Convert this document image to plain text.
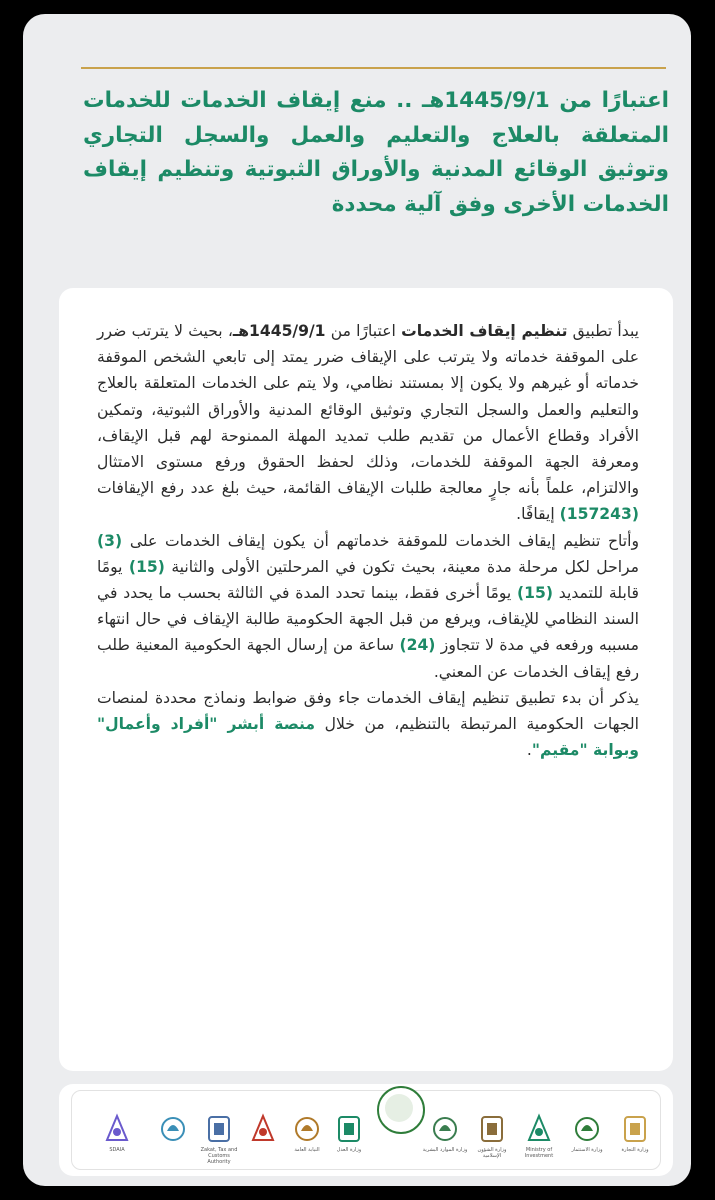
اعتبارًا من 1445/9/1هـ .. منع إيقاف الخدمات للخدمات المتعلقة بالعلاج والتعليم والعمل والسجل التجاري وتوثيق الوقائع المدنية والأوراق الثبوتية وتنظيم إيقاف الخدمات الأخرى وفق آلية محددة

يبدأ تطبيق تنظيم إيقاف الخدمات اعتبارًا من 1445/9/1هـ، بحيث لا يترتب ضرر على الموقفة خدماته ولا يترتب على الإيقاف ضرر يمتد إلى تابعي الشخص الموقفة خدماته أو غيرهم ولا يكون إلا بمستند نظامي، ولا يتم على الخدمات المتعلقة بالعلاج والتعليم والعمل والسجل التجاري وتوثيق الوقائع المدنية والأوراق الثبوتية، وتمكين الأفراد وقطاع الأعمال من تقديم طلب تمديد المهلة الممنوحة لهم قبل الإيقاف، ومعرفة الجهة الموقفة للخدمات، وذلك لحفظ الحقوق ورفع مستوى الامتثال والالتزام، علماً بأنه جارٍ معالجة طلبات الإيقاف القائمة، حيث بلغ عدد رفع الإيقافات (157243) إيقافًا.
وأتاح تنظيم إيقاف الخدمات للموقفة خدماتهم أن يكون إيقاف الخدمات على (3) مراحل لكل مرحلة مدة معينة، بحيث تكون في المرحلتين الأولى والثانية (15) يومًا قابلة للتمديد (15) يومًا أخرى فقط، بينما تحدد المدة في الثالثة بحسب ما يحدد في السند النظامي للإيقاف، ويرفع من قبل الجهة الحكومية طالبة الإيقاف في حال انتهاء مسببه ورفعه في مدة لا تتجاوز (24) ساعة من إرسال الجهة الحكومية المعنية طلب رفع إيقاف الخدمات عن المعني.
يذكر أن بدء تطبيق تنظيم إيقاف الخدمات جاء وفق ضوابط ونماذج محددة لمنصات الجهات الحكومية المرتبطة بالتنظيم، من خلال منصة أبشر "أفراد وأعمال" وبوابة "مقيم".

وزارة التجارة
وزارة الاستثمار
Ministry of Investment
وزارة الشؤون الإسلامية
وزارة الموارد البشرية
وزارة العدل
النيابة العامة
Zakat, Tax and Customs Authority
SDAIA
